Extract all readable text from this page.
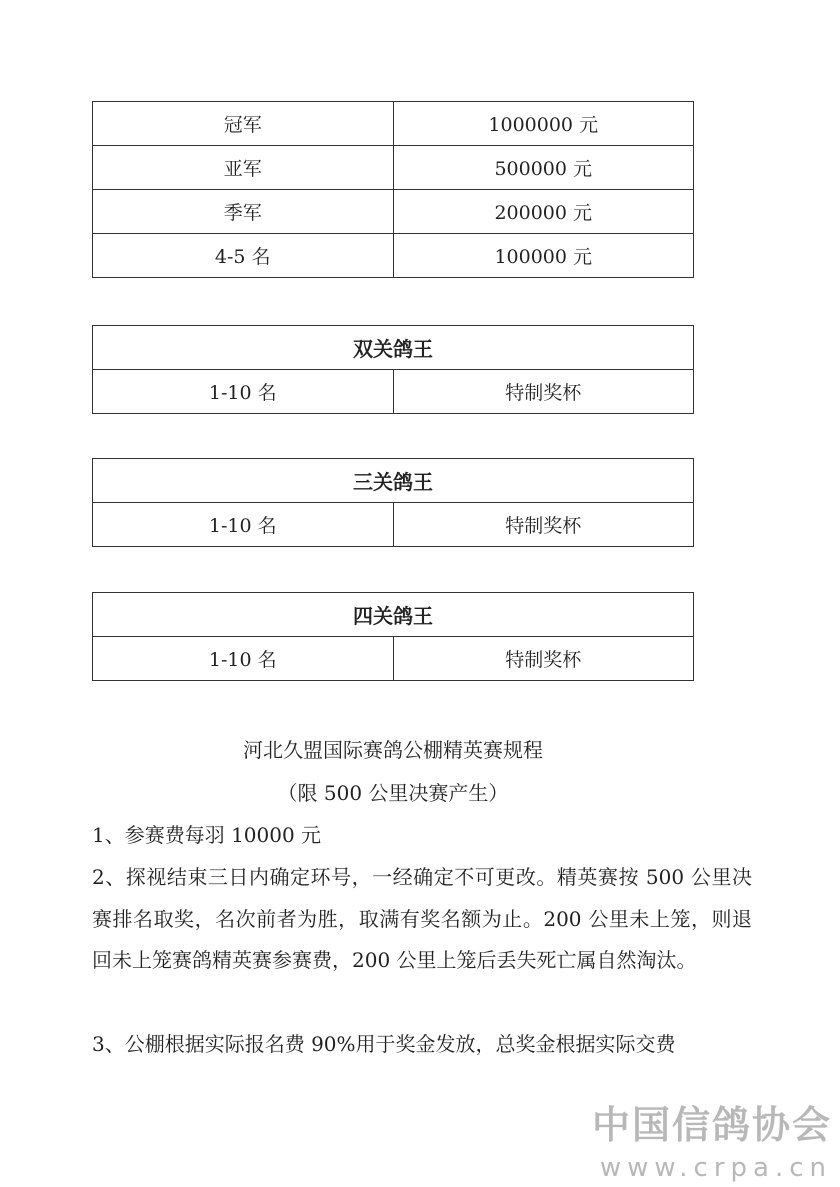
冠军	1000000 元
亚军	500000 元
季军	200000 元
4-5 名	100000 元
双关鸽王
1-10 名	特制奖杯
三关鸽王
1-10 名	特制奖杯
四关鸽王
1-10 名	特制奖杯
河北久盟国际赛鸽公棚精英赛规程
（限 500 公里决赛产生）

1、参赛费每羽 10000 元

2、探视结束三日内确定环号，一经确定不可更改。精英赛按 500 公里决赛排名取奖，名次前者为胜，取满有奖名额为止。200 公里未上笼，则退回未上笼赛鸽精英赛参赛费，200 公里上笼后丢失死亡属自然淘汰。

3、公棚根据实际报名费 90%用于奖金发放，总奖金根据实际交费

中国信鸽协会
www.crpa.cn
